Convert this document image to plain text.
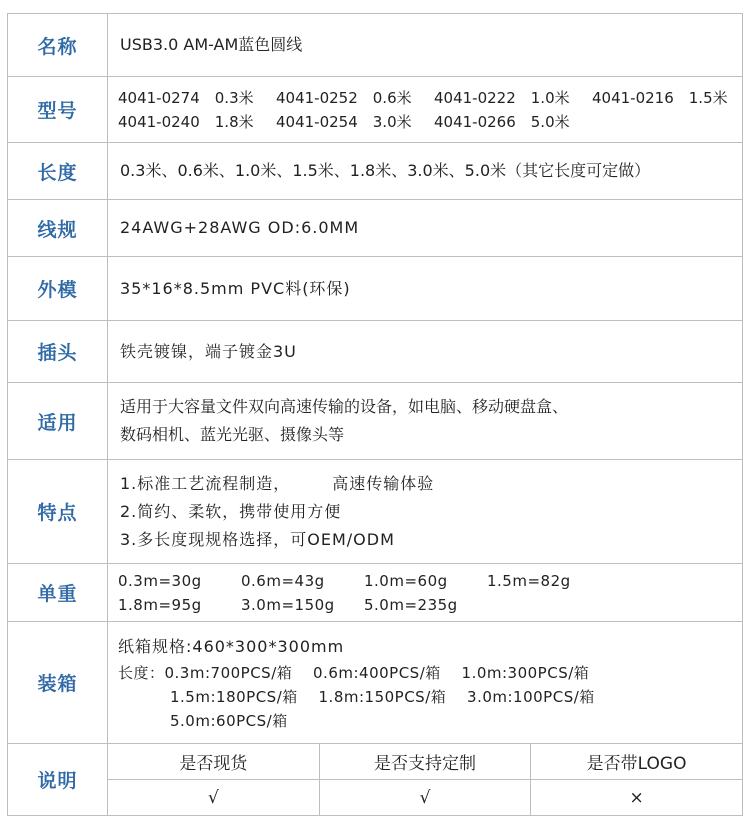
名称	USB3.0 AM-AM蓝色圆线
型号	
4041-0274　0.3米	4041-0252　0.6米	4041-0222　1.0米	4041-0216　1.5米
4041-0240　1.8米	4041-0254　3.0米	4041-0266　5.0米

长度	0.3米、0.6米、1.0米、1.5米、1.8米、3.0米、5.0米（其它长度可定做）
线规	24AWG+28AWG OD:6.0MM
外模	35*16*8.5mm PVC料(环保)
插头	铁壳镀镍，端子镀金3U
适用	
适用于大容量文件双向高速传输的设备，如电脑、移动硬盘盒、
数码相机、蓝光光驱、摄像头等

特点	
1.标准工艺流程制造，	高速传输体验
2.简约、柔软，携带使用方便
3.多长度现规格选择，可OEM/ODM

单重	
0.3m=30g	0.6m=43g	1.0m=60g	1.5m=82g
1.8m=95g	3.0m=150g	5.0m=235g

装箱	
纸箱规格:460*300*300mm
长度：0.3m:700PCS/箱　 0.6m:400PCS/箱　 1.0m:300PCS/箱
1.5m:180PCS/箱　 1.8m:150PCS/箱　 3.0m:100PCS/箱
5.0m:60PCS/箱

说明	
是否现货	是否支持定制	是否带LOGO
√	√	×
